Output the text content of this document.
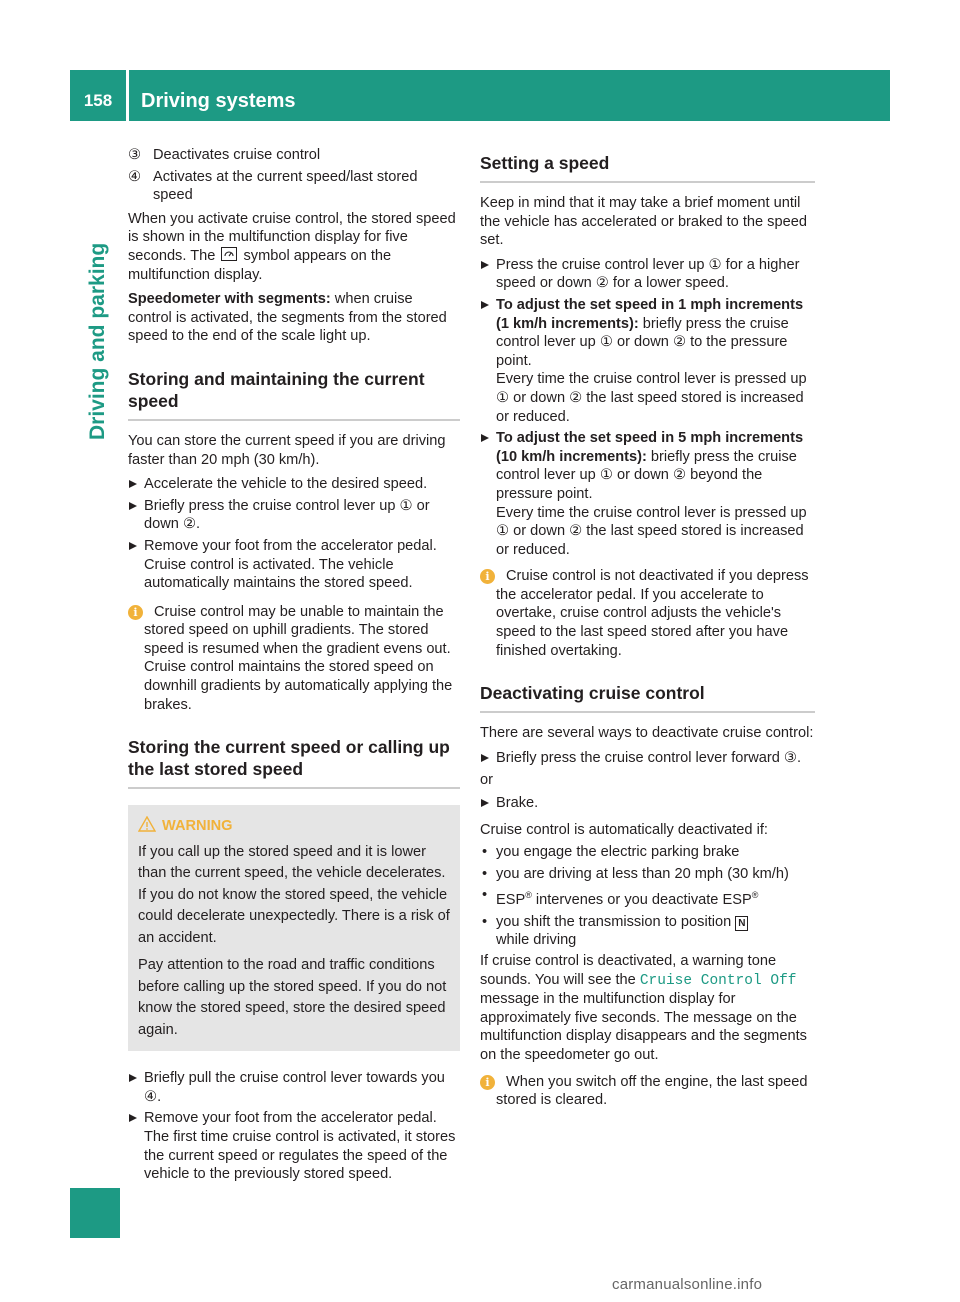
158	Driving systems
Driving and parking
③ Deactivates cruise control
④ Activates at the current speed/last stored speed

When you activate cruise control, the stored speed is shown in the multifunction display for five seconds. The symbol appears on the multifunction display.

Speedometer with segments: when cruise control is activated, the segments from the stored speed to the end of the scale light up.

Storing and maintaining the current speed

You can store the current speed if you are driving faster than 20 mph (30 km/h).

Accelerate the vehicle to the desired speed.
Briefly press the cruise control lever up ① or down ②.
Remove your foot from the accelerator pedal. Cruise control is activated. The vehicle automatically maintains the stored speed.
i	Cruise control may be unable to maintain the stored speed on uphill gradients. The stored speed is resumed when the gradient evens out. Cruise control maintains the stored speed on downhill gradients by automatically applying the brakes.
Storing the current speed or calling up the last stored speed
WARNING

If you call up the stored speed and it is lower than the current speed, the vehicle decelerates. If you do not know the stored speed, the vehicle could decelerate unexpectedly. There is a risk of an accident.

Pay attention to the road and traffic conditions before calling up the stored speed. If you do not know the stored speed, store the desired speed again.

Briefly pull the cruise control lever towards you ④.
Remove your foot from the accelerator pedal. The first time cruise control is activated, it stores the current speed or regulates the speed of the vehicle to the previously stored speed.
Setting a speed

Keep in mind that it may take a brief moment until the vehicle has accelerated or braked to the speed set.

Press the cruise control lever up ① for a higher speed or down ② for a lower speed.
To adjust the set speed in 1 mph increments (1 km/h increments): briefly press the cruise control lever up ① or down ② to the pressure point.
Every time the cruise control lever is pressed up ① or down ② the last speed stored is increased or reduced.
To adjust the set speed in 5 mph increments (10 km/h increments): briefly press the cruise control lever up ① or down ② beyond the pressure point.
Every time the cruise control lever is pressed up ① or down ② the last speed stored is increased or reduced.
i	Cruise control is not deactivated if you depress the accelerator pedal. If you accelerate to overtake, cruise control adjusts the vehicle's speed to the last speed stored after you have finished overtaking.
Deactivating cruise control

There are several ways to deactivate cruise control:

Briefly press the cruise control lever forward ③.

or

Brake.

Cruise control is automatically deactivated if:

• you engage the electric parking brake
• you are driving at less than 20 mph (30 km/h)
• ESP® intervenes or you deactivate ESP®
• you shift the transmission to position N
while driving

If cruise control is deactivated, a warning tone sounds. You will see the Cruise Control Off message in the multifunction display for approximately five seconds. The message on the multifunction display disappears and the segments on the speedometer go out.

i	When you switch off the engine, the last speed stored is cleared.
carmanualsonline.info
